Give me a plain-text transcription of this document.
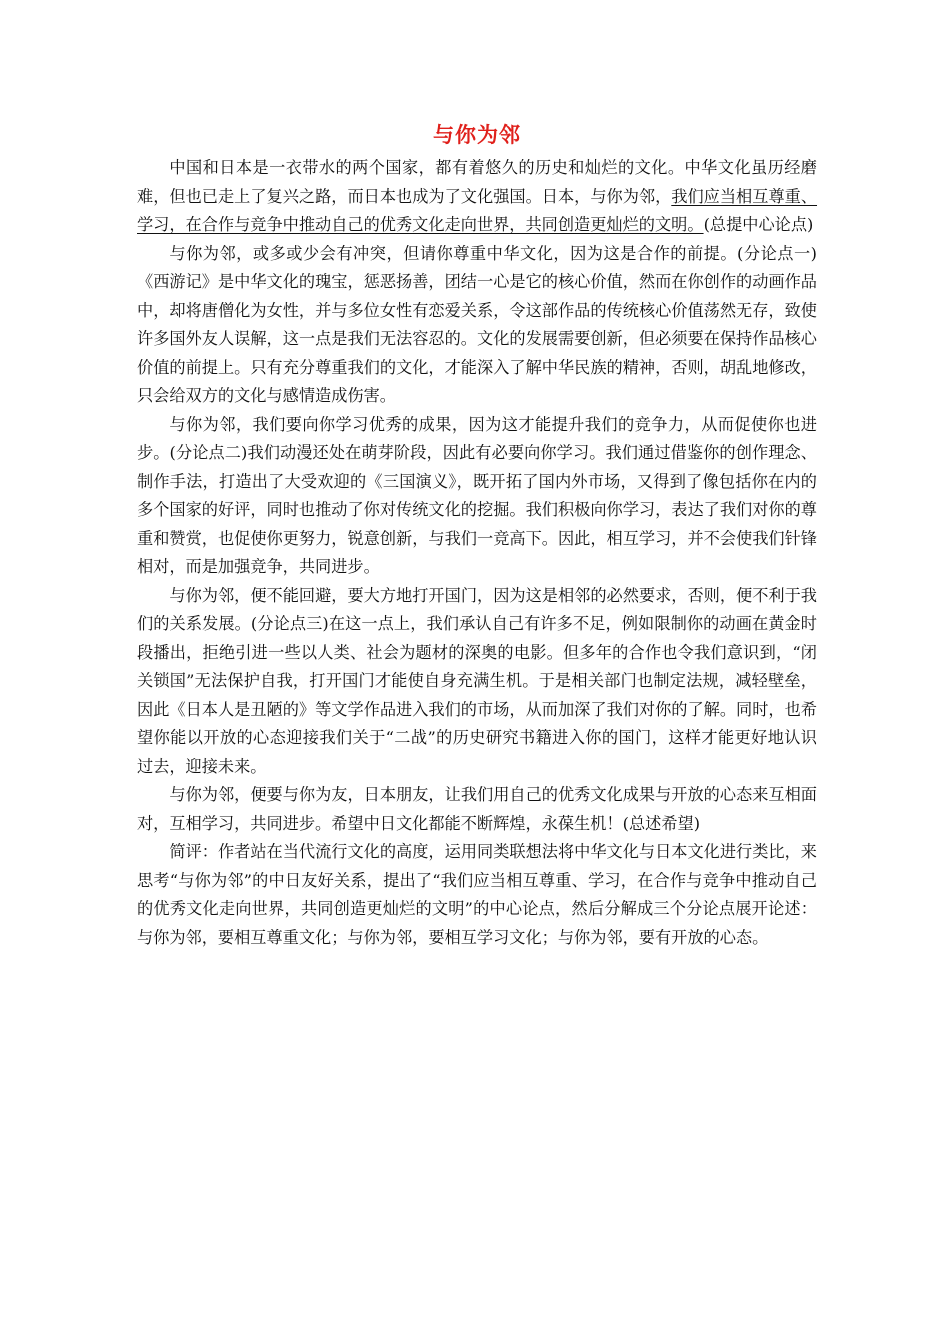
与你为邻

中国和日本是一衣带水的两个国家，都有着悠久的历史和灿烂的文化。中华文化虽历经磨难，但也已走上了复兴之路，而日本也成为了文化强国。日本，与你为邻，我们应当相互尊重、学习，在合作与竞争中推动自己的优秀文化走向世界，共同创造更灿烂的文明。(总提中心论点)

与你为邻，或多或少会有冲突，但请你尊重中华文化，因为这是合作的前提。(分论点一)《西游记》是中华文化的瑰宝，惩恶扬善，团结一心是它的核心价值，然而在你创作的动画作品中，却将唐僧化为女性，并与多位女性有恋爱关系，令这部作品的传统核心价值荡然无存，致使许多国外友人误解，这一点是我们无法容忍的。文化的发展需要创新，但必须要在保持作品核心价值的前提上。只有充分尊重我们的文化，才能深入了解中华民族的精神，否则，胡乱地修改，只会给双方的文化与感情造成伤害。

与你为邻，我们要向你学习优秀的成果，因为这才能提升我们的竞争力，从而促使你也进步。(分论点二)我们动漫还处在萌芽阶段，因此有必要向你学习。我们通过借鉴你的创作理念、制作手法，打造出了大受欢迎的《三国演义》，既开拓了国内外市场，又得到了像包括你在内的多个国家的好评，同时也推动了你对传统文化的挖掘。我们积极向你学习，表达了我们对你的尊重和赞赏，也促使你更努力，锐意创新，与我们一竞高下。因此，相互学习，并不会使我们针锋相对，而是加强竞争，共同进步。

与你为邻，便不能回避，要大方地打开国门，因为这是相邻的必然要求，否则，便不利于我们的关系发展。(分论点三)在这一点上，我们承认自己有许多不足，例如限制你的动画在黄金时段播出，拒绝引进一些以人类、社会为题材的深奥的电影。但多年的合作也令我们意识到，“闭关锁国”无法保护自我，打开国门才能使自身充满生机。于是相关部门也制定法规，减轻壁垒，因此《日本人是丑陋的》等文学作品进入我们的市场，从而加深了我们对你的了解。同时，也希望你能以开放的心态迎接我们关于“二战”的历史研究书籍进入你的国门，这样才能更好地认识过去，迎接未来。

与你为邻，便要与你为友，日本朋友，让我们用自己的优秀文化成果与开放的心态来互相面对，互相学习，共同进步。希望中日文化都能不断辉煌，永葆生机！(总述希望)

简评：作者站在当代流行文化的高度，运用同类联想法将中华文化与日本文化进行类比，来思考“与你为邻”的中日友好关系，提出了“我们应当相互尊重、学习，在合作与竞争中推动自己的优秀文化走向世界，共同创造更灿烂的文明”的中心论点，然后分解成三个分论点展开论述：与你为邻，要相互尊重文化；与你为邻，要相互学习文化；与你为邻，要有开放的心态。
